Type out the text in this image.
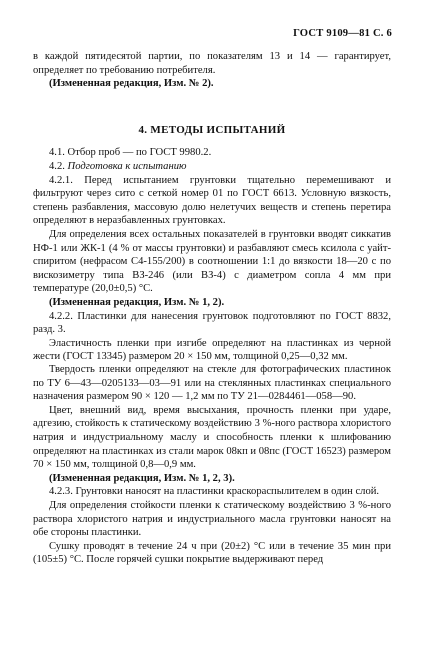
ГОСТ 9109—81 С. 6

в каждой пятидесятой партии, по показателям 13 и 14 — гарантирует, определяет по требованию потребителя.

(Измененная редакция, Изм. № 2).

4. МЕТОДЫ ИСПЫТАНИЙ

4.1. Отбор проб — по ГОСТ 9980.2.

4.2. Подготовка к испытанию

4.2.1. Перед испытанием грунтовки тщательно перемешивают и фильтруют через сито с сеткой номер 01 по ГОСТ 6613. Условную вязкость, степень разбавления, массовую долю нелетучих веществ и степень перетира определяют в неразбавленных грунтовках.

Для определения всех остальных показателей в грунтовки вводят сиккатив НФ-1 или ЖК-1 (4 % от массы грунтовки) и разбавляют смесь ксилола с уайт-спиритом (нефрасом С4-155/200) в соотношении 1:1 до вязкости 18—20 с по вискозиметру типа ВЗ-246 (или ВЗ-4) с диаметром сопла 4 мм при температуре (20,0±0,5) °С.

(Измененная редакция, Изм. № 1, 2).

4.2.2. Пластинки для нанесения грунтовок подготовляют по ГОСТ 8832, разд. 3.

Эластичность пленки при изгибе определяют на пластинках из черной жести (ГОСТ 13345) размером 20 × 150 мм, толщиной 0,25—0,32 мм.

Твердость пленки определяют на стекле для фотографических пластинок по ТУ 6—43—0205133—03—91 или на стеклянных пластинках специального назначения размером 90 × 120 — 1,2 мм по ТУ 21—0284461—058—90.

Цвет, внешний вид, время высыхания, прочность пленки при ударе, адгезию, стойкость к статическому воздействию 3 %-ного раствора хлористого натрия и индустриальному маслу и способность пленки к шлифованию определяют на пластинках из стали марок 08кп и 08пс (ГОСТ 16523) размером 70 × 150 мм, толщиной 0,8—0,9 мм.

(Измененная редакция, Изм. № 1, 2, 3).

4.2.3. Грунтовки наносят на пластинки краскораспылителем в один слой.

Для определения стойкости пленки к статическому воздействию 3 %-ного раствора хлористого натрия и индустриального масла грунтовки наносят на обе стороны пластинки.

Сушку проводят в течение 24 ч при (20±2) °С или в течение 35 мин при (105±5) °С. После горячей сушки покрытие выдерживают перед
